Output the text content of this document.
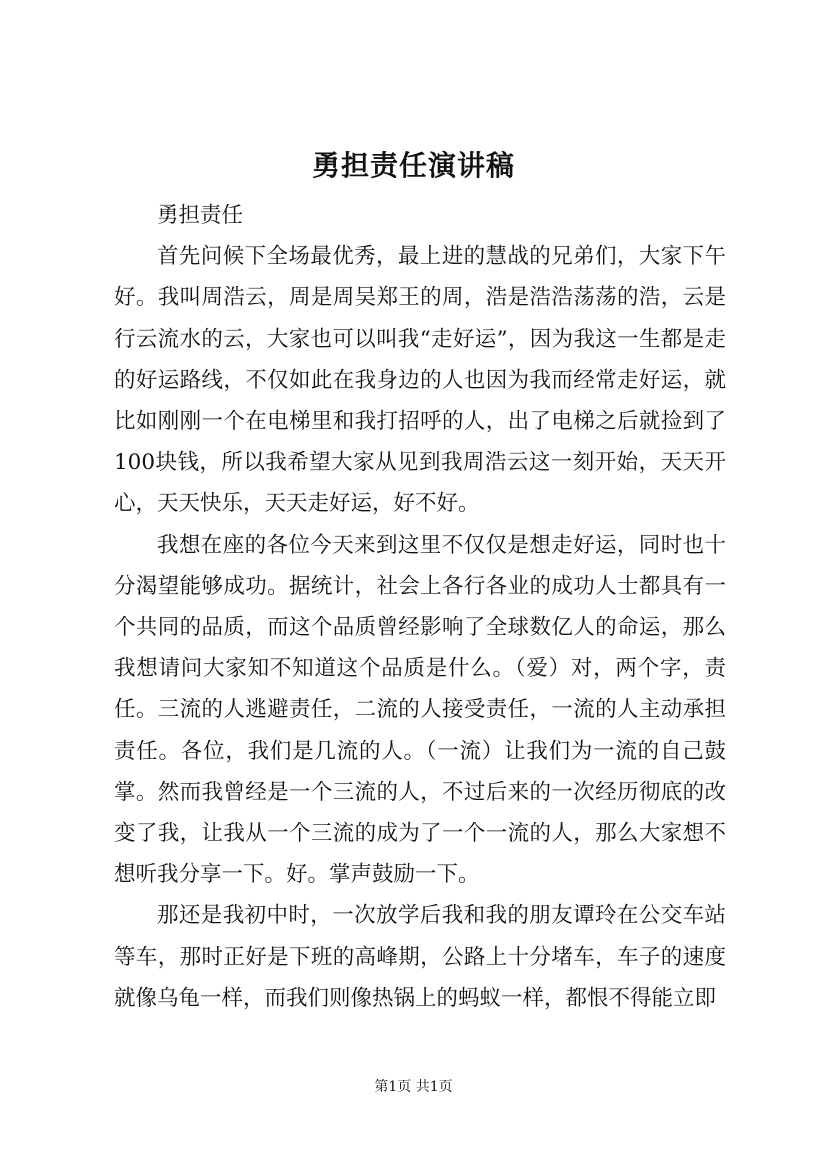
勇担责任演讲稿

勇担责任

首先问候下全场最优秀，最上进的慧战的兄弟们，大家下午好。我叫周浩云，周是周吴郑王的周，浩是浩浩荡荡的浩，云是行云流水的云，大家也可以叫我“走好运”，因为我这一生都是走的好运路线，不仅如此在我身边的人也因为我而经常走好运，就比如刚刚一个在电梯里和我打招呼的人，出了电梯之后就捡到了100块钱，所以我希望大家从见到我周浩云这一刻开始，天天开心，天天快乐，天天走好运，好不好。

我想在座的各位今天来到这里不仅仅是想走好运，同时也十分渴望能够成功。据统计，社会上各行各业的成功人士都具有一个共同的品质，而这个品质曾经影响了全球数亿人的命运，那么我想请问大家知不知道这个品质是什么。（爱）对，两个字，责任。三流的人逃避责任，二流的人接受责任，一流的人主动承担责任。各位，我们是几流的人。（一流）让我们为一流的自己鼓掌。然而我曾经是一个三流的人，不过后来的一次经历彻底的改变了我，让我从一个三流的成为了一个一流的人，那么大家想不想听我分享一下。好。掌声鼓励一下。

那还是我初中时，一次放学后我和我的朋友谭玲在公交车站等车，那时正好是下班的高峰期，公路上十分堵车，车子的速度就像乌龟一样，而我们则像热锅上的蚂蚁一样，都恨不得能立即

第1页 共1页
